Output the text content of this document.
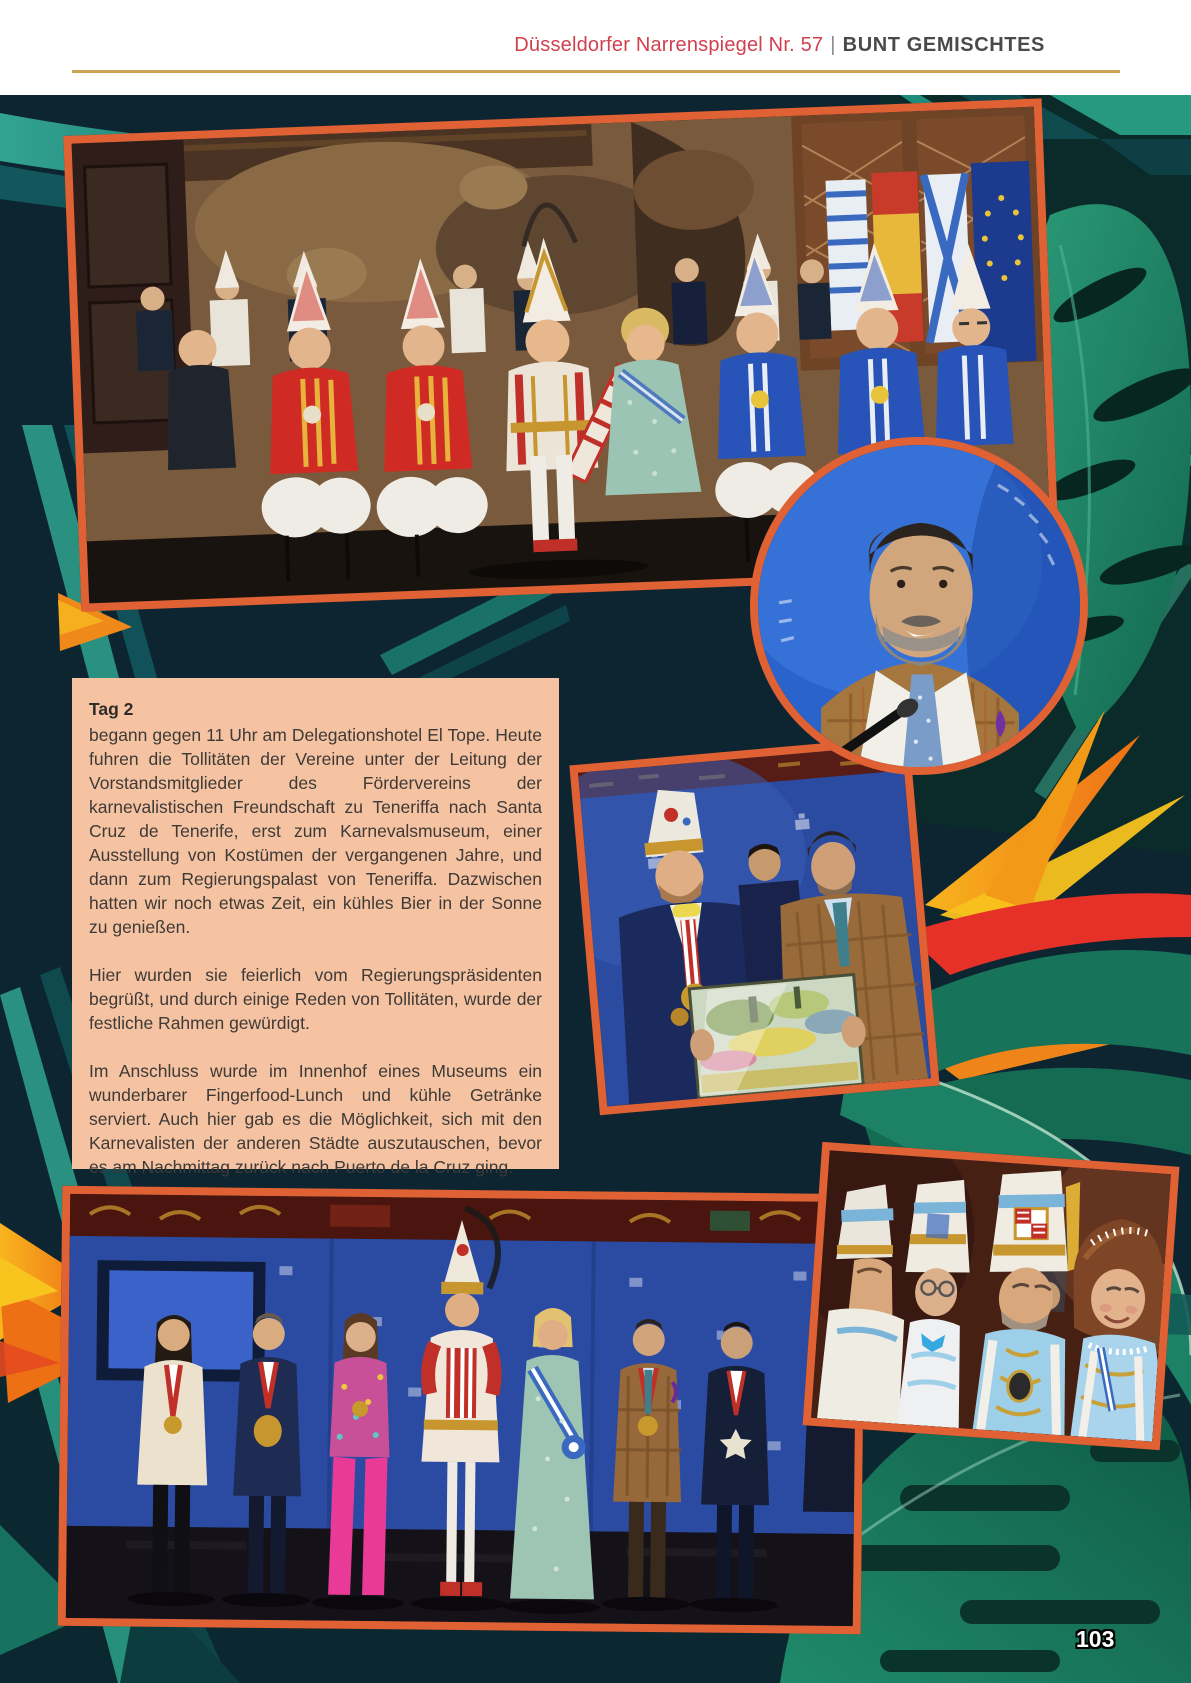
Düsseldorfer Narrenspiegel Nr. 57 | BUNT GEMISCHTES
Tag 2

begann gegen 11 Uhr am Delegationshotel El Tope. Heute fuhren die Tollitäten der Vereine unter der Leitung der Vorstandsmitglieder des Fördervereins der karnevalistischen Freundschaft zu Teneriffa nach Santa Cruz de Tenerife, erst zum Karnevalsmuseum, einer Ausstellung von Kostümen der vergangenen Jahre, und dann zum Regierungspalast von Teneriffa. Dazwischen hatten wir noch etwas Zeit, ein kühles Bier in der Sonne zu genießen.

Hier wurden sie feierlich vom Regierungspräsidenten begrüßt, und durch einige Reden von Tollitäten, wurde der festliche Rahmen gewürdigt.

Im Anschluss wurde im Innenhof eines Museums ein wunderbarer Fingerfood-Lunch und kühle Getränke serviert. Auch hier gab es die Möglichkeit, sich mit den Karnevalisten der anderen Städte auszutauschen, bevor es am Nachmittag zurück nach Puerto de la Cruz ging.

103
